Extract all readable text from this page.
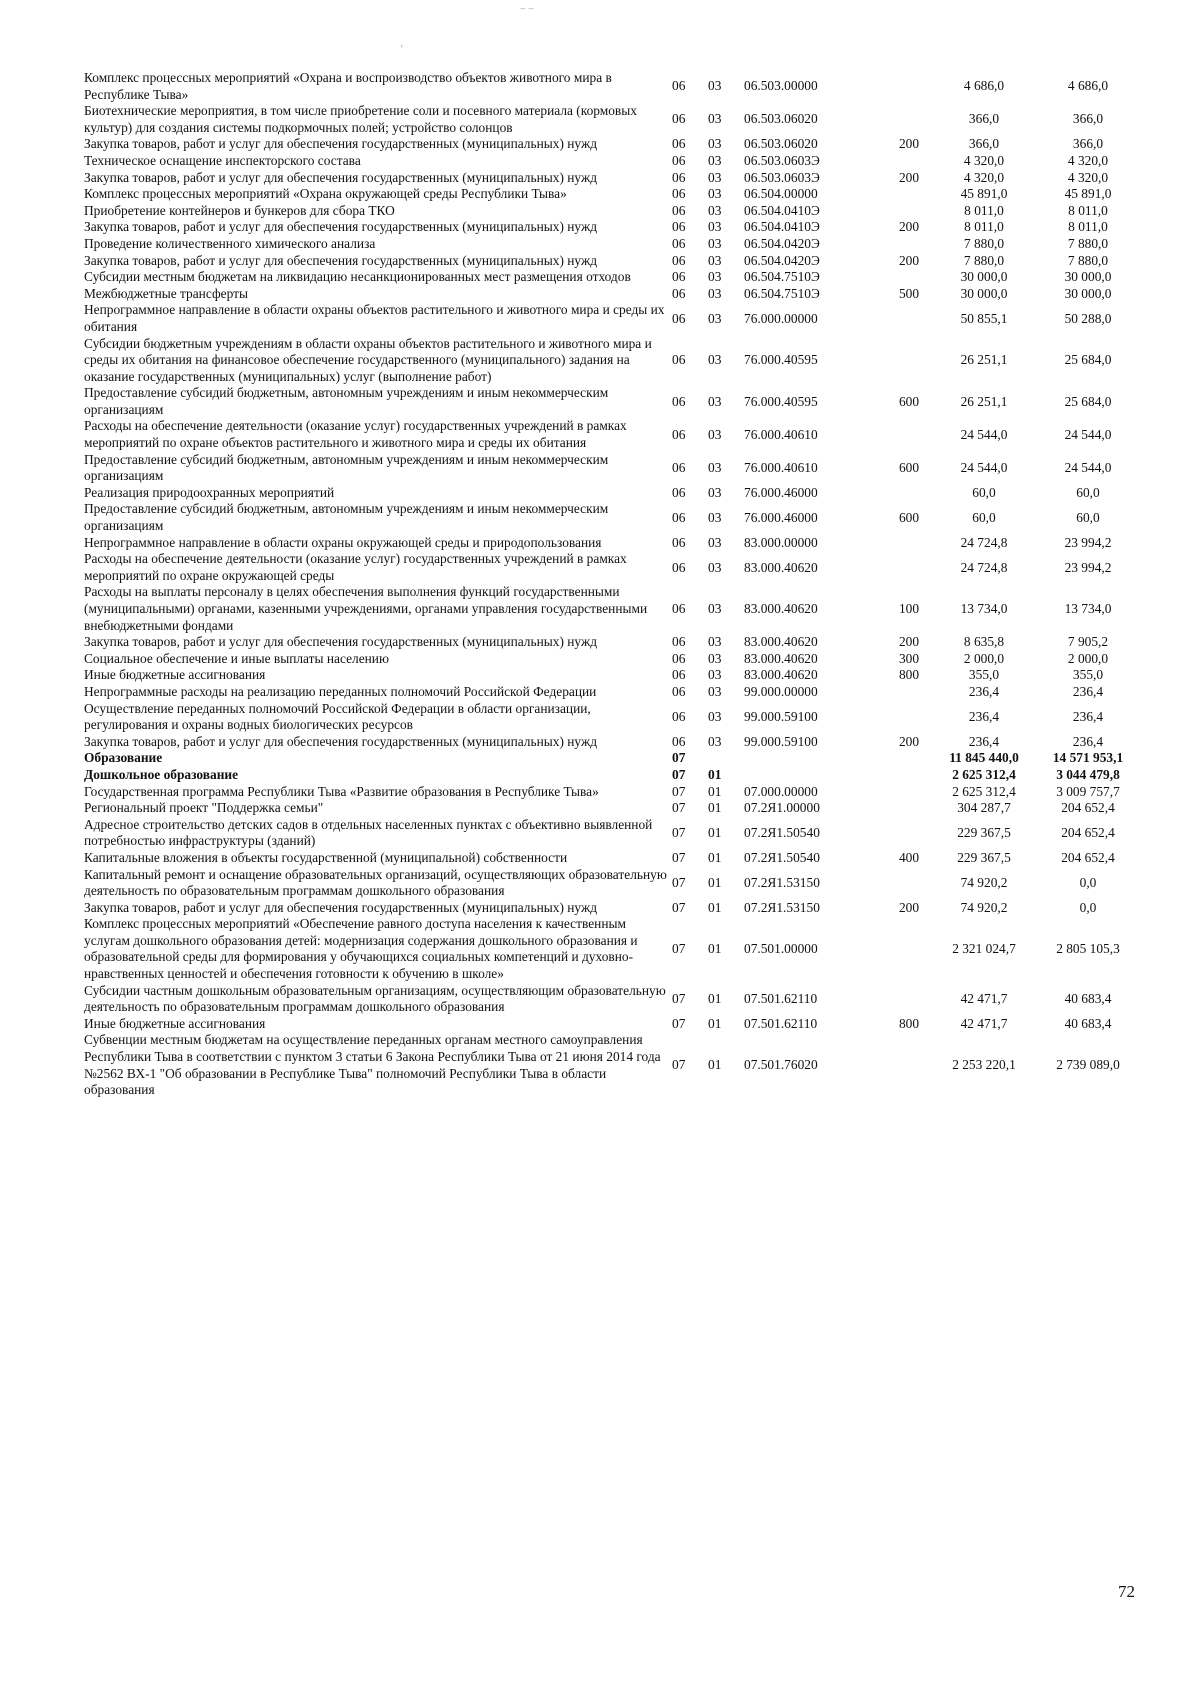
− −
’
Комплекс процессных мероприятий «Охрана и воспроизводство объектов животного мира в Республике Тыва»	06	03	06.503.00000		4 686,0	4 686,0
Биотехнические мероприятия, в том числе приобретение соли и посевного материала (кормовых культур) для создания системы подкормочных полей; устройство солонцов	06	03	06.503.06020		366,0	366,0
Закупка товаров, работ и услуг для обеспечения государственных (муниципальных) нужд	06	03	06.503.06020	200	366,0	366,0
Техническое оснащение инспекторского состава	06	03	06.503.0603Э		4 320,0	4 320,0
Закупка товаров, работ и услуг для обеспечения государственных (муниципальных) нужд	06	03	06.503.0603Э	200	4 320,0	4 320,0
Комплекс процессных мероприятий «Охрана окружающей среды Республики Тыва»	06	03	06.504.00000		45 891,0	45 891,0
Приобретение контейнеров и бункеров для сбора ТКО	06	03	06.504.0410Э		8 011,0	8 011,0
Закупка товаров, работ и услуг для обеспечения государственных (муниципальных) нужд	06	03	06.504.0410Э	200	8 011,0	8 011,0
Проведение количественного химического анализа	06	03	06.504.0420Э		7 880,0	7 880,0
Закупка товаров, работ и услуг для обеспечения государственных (муниципальных) нужд	06	03	06.504.0420Э	200	7 880,0	7 880,0
Субсидии местным бюджетам на ликвидацию несанкционированных мест размещения отходов	06	03	06.504.7510Э		30 000,0	30 000,0
Межбюджетные трансферты	06	03	06.504.7510Э	500	30 000,0	30 000,0
Непрограммное направление в области охраны объектов растительного и животного мира и среды их обитания	06	03	76.000.00000		50 855,1	50 288,0
Субсидии бюджетным учреждениям в области охраны объектов растительного и животного мира и среды их обитания на финансовое обеспечение государственного (муниципального) задания на оказание государственных (муниципальных) услуг (выполнение работ)	06	03	76.000.40595		26 251,1	25 684,0
Предоставление субсидий бюджетным, автономным учреждениям и иным некоммерческим организациям	06	03	76.000.40595	600	26 251,1	25 684,0
Расходы на обеспечение деятельности (оказание услуг) государственных учреждений в рамках мероприятий по охране объектов растительного и животного мира и среды их обитания	06	03	76.000.40610		24 544,0	24 544,0
Предоставление субсидий бюджетным, автономным учреждениям и иным некоммерческим организациям	06	03	76.000.40610	600	24 544,0	24 544,0
Реализация природоохранных мероприятий	06	03	76.000.46000		60,0	60,0
Предоставление субсидий бюджетным, автономным учреждениям и иным некоммерческим организациям	06	03	76.000.46000	600	60,0	60,0
Непрограммное направление в области охраны окружающей среды и природопользования	06	03	83.000.00000		24 724,8	23 994,2
Расходы на обеспечение деятельности (оказание услуг) государственных учреждений в рамках мероприятий по охране окружающей среды	06	03	83.000.40620		24 724,8	23 994,2
Расходы на выплаты персоналу в целях обеспечения выполнения функций государственными (муниципальными) органами, казенными учреждениями, органами управления государственными внебюджетными фондами	06	03	83.000.40620	100	13 734,0	13 734,0
Закупка товаров, работ и услуг для обеспечения государственных (муниципальных) нужд	06	03	83.000.40620	200	8 635,8	7 905,2
Социальное обеспечение и иные выплаты населению	06	03	83.000.40620	300	2 000,0	2 000,0
Иные бюджетные ассигнования	06	03	83.000.40620	800	355,0	355,0
Непрограммные расходы на реализацию переданных полномочий Российской Федерации	06	03	99.000.00000		236,4	236,4
Осуществление переданных полномочий Российской Федерации в области организации, регулирования и охраны водных биологических ресурсов	06	03	99.000.59100		236,4	236,4
Закупка товаров, работ и услуг для обеспечения государственных (муниципальных) нужд	06	03	99.000.59100	200	236,4	236,4
Образование	07				11 845 440,0	14 571 953,1
Дошкольное образование	07	01			2 625 312,4	3 044 479,8
Государственная программа Республики Тыва «Развитие образования в Республике Тыва»	07	01	07.000.00000		2 625 312,4	3 009 757,7
Региональный проект "Поддержка семьи"	07	01	07.2Я1.00000		304 287,7	204 652,4
Адресное строительство детских садов в отдельных населенных пунктах с объективно выявленной потребностью инфраструктуры (зданий)	07	01	07.2Я1.50540		229 367,5	204 652,4
Капитальные вложения в объекты государственной (муниципальной) собственности	07	01	07.2Я1.50540	400	229 367,5	204 652,4
Капитальный ремонт и оснащение образовательных организаций, осуществляющих образовательную деятельность по образовательным программам дошкольного образования	07	01	07.2Я1.53150		74 920,2	0,0
Закупка товаров, работ и услуг для обеспечения государственных (муниципальных) нужд	07	01	07.2Я1.53150	200	74 920,2	0,0
Комплекс процессных мероприятий «Обеспечение равного доступа населения к качественным услугам дошкольного образования детей: модернизация содержания дошкольного образования и образовательной среды для формирования у обучающихся социальных компетенций и духовно-нравственных ценностей и обеспечения готовности к обучению в школе»	07	01	07.501.00000		2 321 024,7	2 805 105,3
Субсидии частным дошкольным образовательным организациям, осуществляющим образовательную деятельность по образовательным программам дошкольного образования	07	01	07.501.62110		42 471,7	40 683,4
Иные бюджетные ассигнования	07	01	07.501.62110	800	42 471,7	40 683,4
Субвенции местным бюджетам на осуществление переданных органам местного самоуправления Республики Тыва в соответствии с пунктом 3 статьи 6 Закона Республики Тыва от 21 июня 2014 года №2562 ВХ-1 "Об образовании в Республике Тыва" полномочий Республики Тыва в области образования	07	01	07.501.76020		2 253 220,1	2 739 089,0
72
